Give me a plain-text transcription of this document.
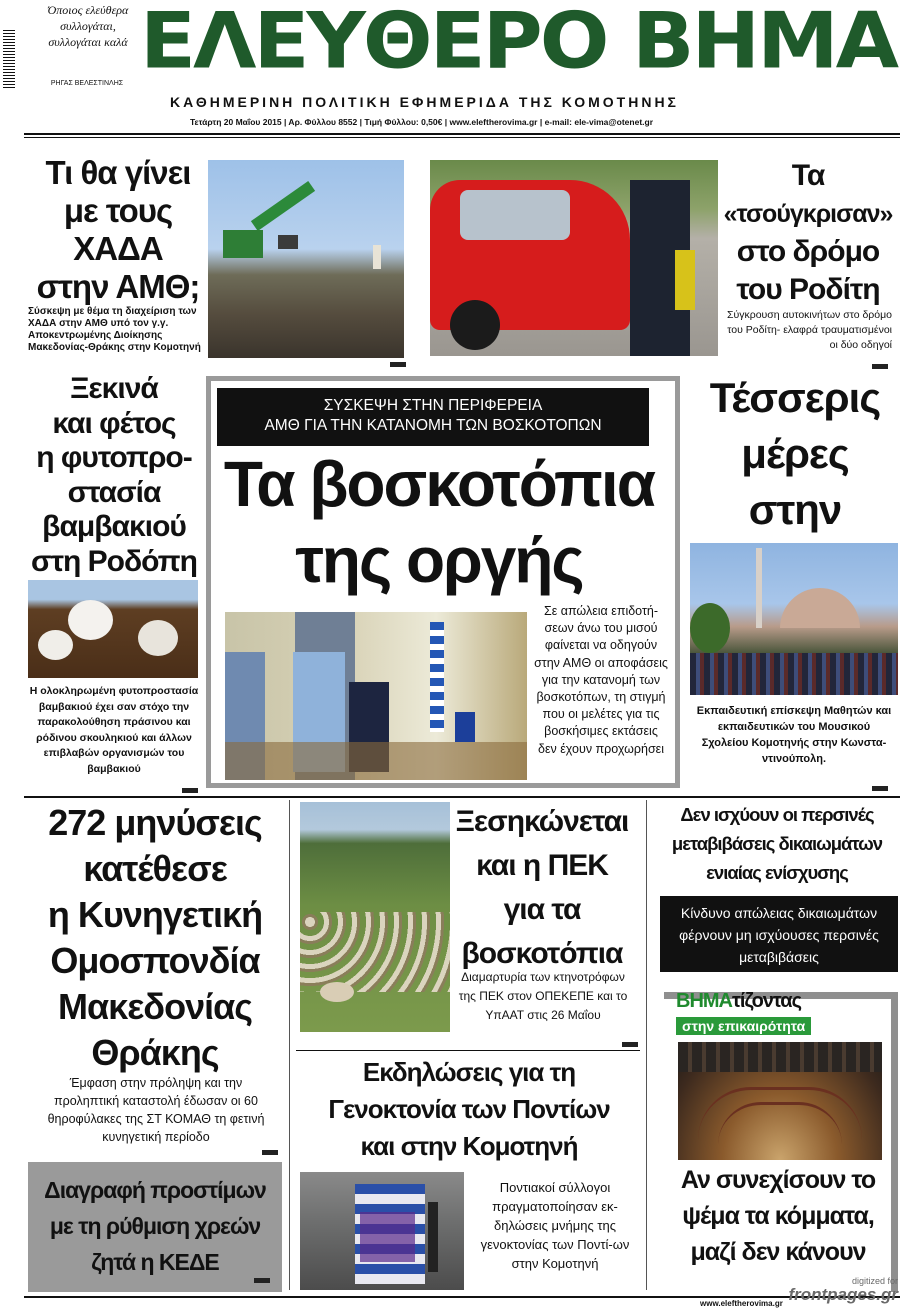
Όποιος ελεύθερα συλλογάται, συλλογάται καλά
ΡΗΓΑΣ ΒΕΛΕΣΤΙΝΛΗΣ ΕΛΕΥΘΕΡΟ ΒΗΜΑ
ΚΑΘΗΜΕΡΙΝΗ ΠΟΛΙΤΙΚΗ ΕΦΗΜΕΡΙΔΑ ΤΗΣ ΚΟΜΟΤΗΝΗΣ
Τετάρτη 20 Μαΐου 2015 | Αρ. Φύλλου 8552 | Τιμή Φύλλου: 0,50€ | www.eleftherovima.gr | e-mail: ele-vima@otenet.gr
Τι θα γίνει
με τους
ΧΑΔΑ
στην ΑΜΘ;
Σύσκεψη με θέμα τη διαχείριση των ΧΑΔΑ στην ΑΜΘ υπό τον γ.γ. Αποκεντρωμένης Διοίκησης Μακεδονίας-Θράκης στην Κομοτηνή
Τα
«τσούγκρισαν»
στο δρόμο
του Ροδίτη
Σύγκρουση αυτοκινήτων στο δρόμο του Ροδίτη- ελαφρά τραυματισμένοι οι δύο οδηγοί
Ξεκινά
και φέτος
η φυτοπρο-
στασία
βαμβακιού
στη Ροδόπη
Η ολοκληρωμένη φυτοπροστασία βαμβακιού έχει σαν στόχο την παρακολούθηση πράσινου και ρόδινου σκουληκιού και άλλων επιβλαβών οργανισμών του βαμβακιού
ΣΥΣΚΕΨΗ ΣΤΗΝ ΠΕΡΙΦΕΡΕΙΑ
ΑΜΘ ΓΙΑ ΤΗΝ ΚΑΤΑΝΟΜΗ ΤΩΝ ΒΟΣΚΟΤΟΠΩΝ
Τα βοσκοτόπια
της οργής
Σε απώλεια επιδοτή-
σεων άνω του μισού
φαίνεται να οδηγούν
στην ΑΜΘ οι αποφάσεις
για την κατανομή των
βοσκοτόπων, τη στιγμή
που οι μελέτες για τις
βοσκήσιμες εκτάσεις
δεν έχουν προχωρήσει
Τέσσερις
μέρες στην
Εκπαιδευτική επίσκεψη Μαθητών και εκπαιδευτικών του Μουσικού Σχολείου Κομοτηνής στην Κωνστα-ντινούπολη.
272 μηνύσεις
κατέθεσε
η Κυνηγετική
Ομοσπονδία
Μακεδονίας
Θράκης
Έμφαση στην πρόληψη και την προληπτική καταστολή έδωσαν οι 60 θηροφύλακες της ΣΤ ΚΟΜΑΘ τη φετινή κυνηγετική περίοδο
Διαγραφή προστίμων
με τη ρύθμιση χρεών
ζητά η ΚΕΔΕ
Ξεσηκώνεται
και η ΠΕΚ
για τα
βοσκοτόπια
Διαμαρτυρία των κτηνοτρόφων της ΠΕΚ στον ΟΠΕΚΕΠΕ και το ΥπΑΑΤ στις 26 Μαΐου
Εκδηλώσεις για τη
Γενοκτονία των Ποντίων
και στην Κομοτηνή
Ποντιακοί σύλλογοι πραγματοποίησαν εκ-δηλώσεις μνήμης της γενοκτονίας των Ποντί-ων στην Κομοτηνή
Δεν ισχύουν οι περσινές
μεταβιβάσεις δικαιωμάτων
ενιαίας ενίσχυσης
Κίνδυνο απώλειας δικαιωμάτων φέρνουν μη ισχύουσες περσινές μεταβιβάσεις
ΒΗΜΑτίζοντας
στην επικαιρότητα
Αν συνεχίσουν το
ψέμα τα κόμματα,
μαζί δεν κάνουν
www.eleftherovima.gr
digitized for
frontpages.gr
